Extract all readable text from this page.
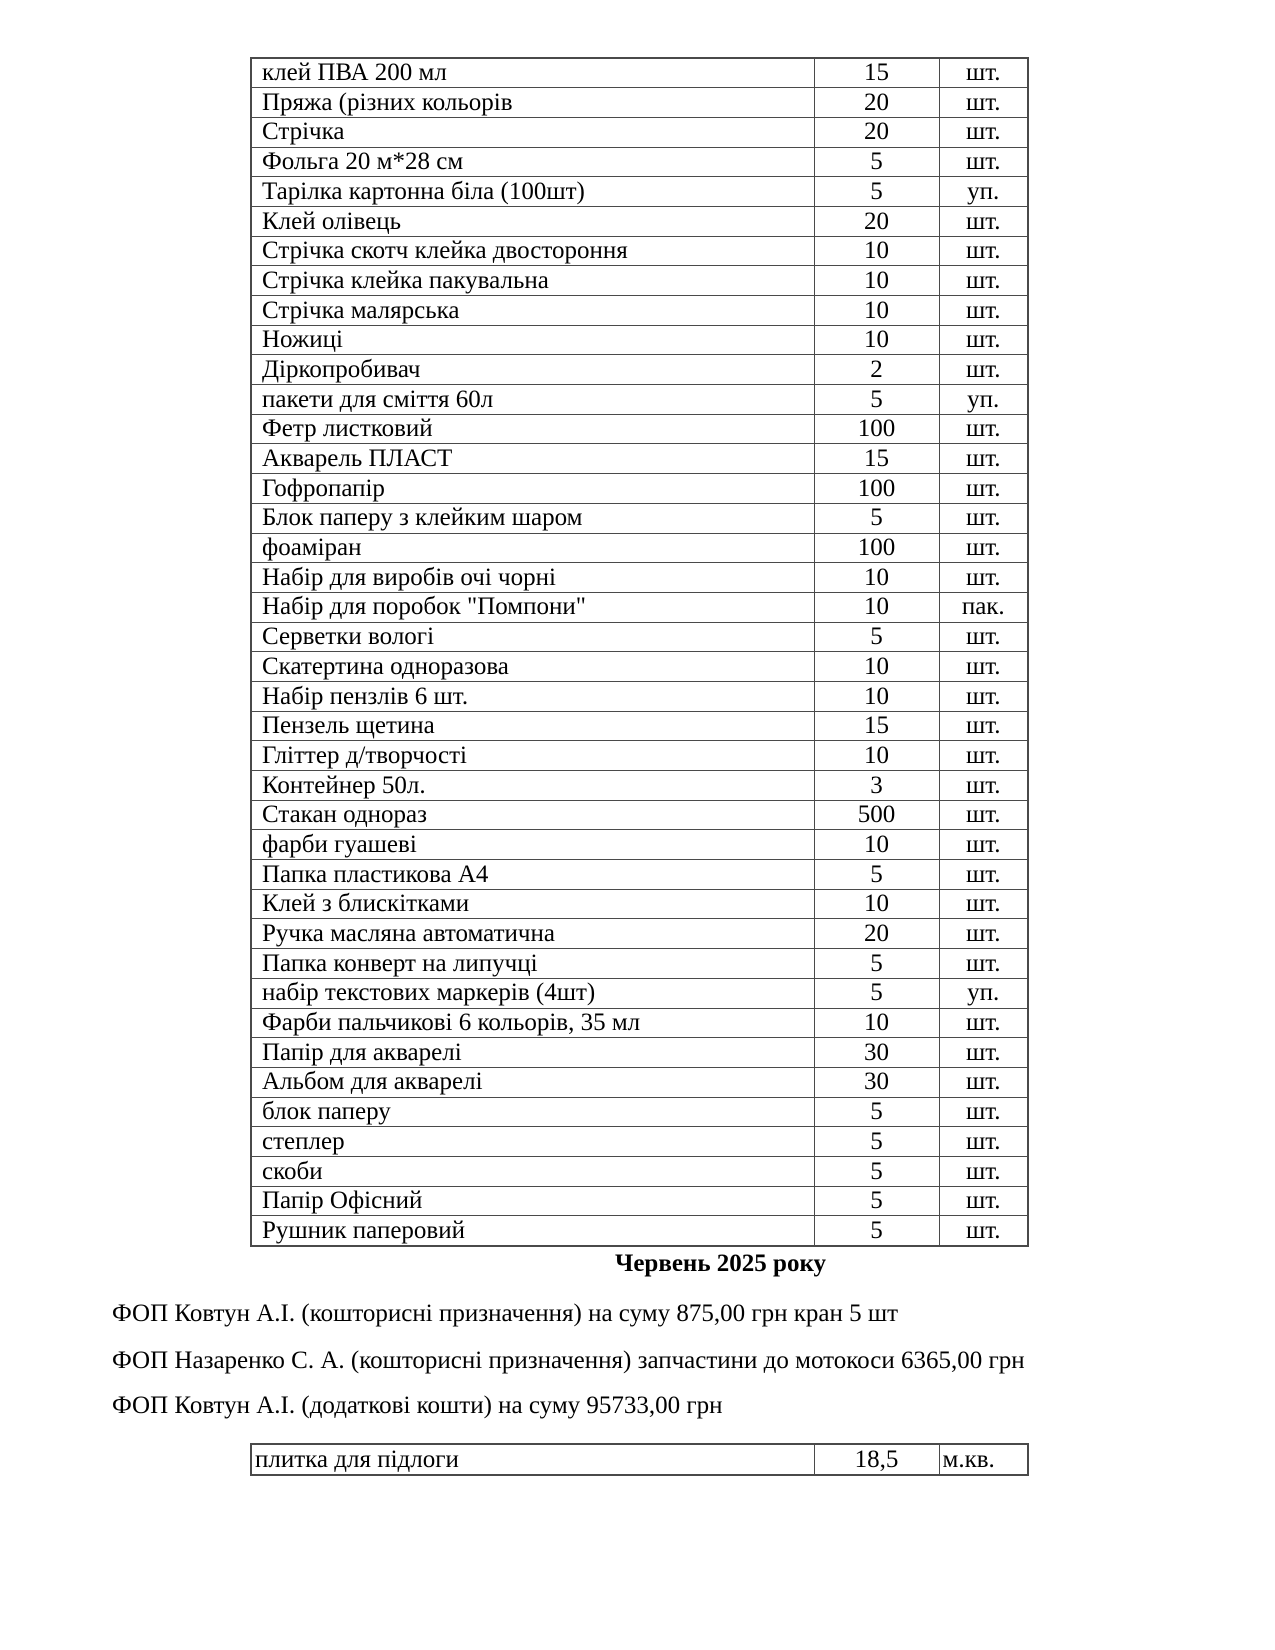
клей ПВА 200 мл	15	шт.
Пряжа (різних кольорів	20	шт.
Стрічка	20	шт.
Фольга 20 м*28 см	5	шт.
Тарілка картонна біла (100шт)	5	уп.
Клей олівець	20	шт.
Стрічка скотч клейка двостороння	10	шт.
Стрічка клейка пакувальна	10	шт.
Стрічка малярська	10	шт.
Ножиці	10	шт.
Діркопробивач	2	шт.
пакети для сміття 60л	5	уп.
Фетр листковий	100	шт.
Акварель ПЛАСТ	15	шт.
Гофропапір	100	шт.
Блок паперу з клейким шаром	5	шт.
фоаміран	100	шт.
Набір для виробів очі чорні	10	шт.
Набір для поробок "Помпони"	10	пак.
Серветки вологі	5	шт.
Скатертина одноразова	10	шт.
Набір пензлів 6 шт.	10	шт.
Пензель щетина	15	шт.
Гліттер д/творчості	10	шт.
Контейнер 50л.	3	шт.
Стакан однораз	500	шт.
фарби гуашеві	10	шт.
Папка пластикова А4	5	шт.
Клей з блискітками	10	шт.
Ручка масляна автоматична	20	шт.
Папка конверт на липучці	5	шт.
набір текстових маркерів (4шт)	5	уп.
Фарби пальчикові 6 кольорів, 35 мл	10	шт.
Папір для акварелі	30	шт.
Альбом для акварелі	30	шт.
блок паперу	5	шт.
степлер	5	шт.
скоби	5	шт.
Папір Офісний	5	шт.
Рушник паперовий	5	шт.
Червень 2025 року

ФОП Ковтун А.І. (кошторисні призначення) на суму 875,00 грн кран 5 шт

ФОП Назаренко С. А. (кошторисні призначення) запчастини до мотокоси 6365,00 грн

ФОП Ковтун А.І. (додаткові кошти) на суму 95733,00 грн

плитка для підлоги	18,5	м.кв.
